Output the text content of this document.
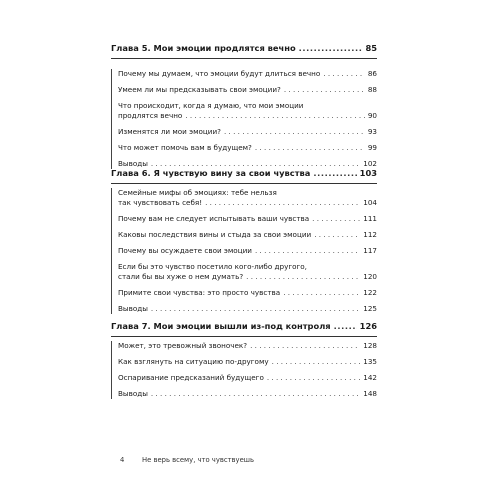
Глава 5. Мои эмоции продлятся вечно .....	85
Почему мы думаем, что эмоции будут длиться вечно . . .	86
Умеем ли мы предсказывать свои эмоции? . . .	88
Что происходит, когда я думаю, что мои эмоции
продлятся вечно . . .	90
Изменятся ли мои эмоции? . . .	93
Что может помочь вам в будущем? . . .	99
Выводы . . .	102
Глава 6. Я чувствую вину за свои чувства .....	103
Семейные мифы об эмоциях: тебе нельзя
так чувствовать себя! . . .	104
Почему вам не следует испытывать ваши чувства . . .	111
Каковы последствия вины и стыда за свои эмоции . . .	112
Почему вы осуждаете свои эмоции . . .	117
Если бы это чувство посетило кого-либо другого,
стали бы вы хуже о нем думать? . . .	120
Примите свои чувства: это просто чувства . . .	122
Выводы . . .	125
Глава 7. Мои эмоции вышли из-под контроля .....	126
Может, это тревожный звоночек? . . .	128
Как взглянуть на ситуацию по-другому . . .	135
Оспаривание предсказаний будущего . . .	142
Выводы . . .	148
4	Не верь всему, что чувствуешь
